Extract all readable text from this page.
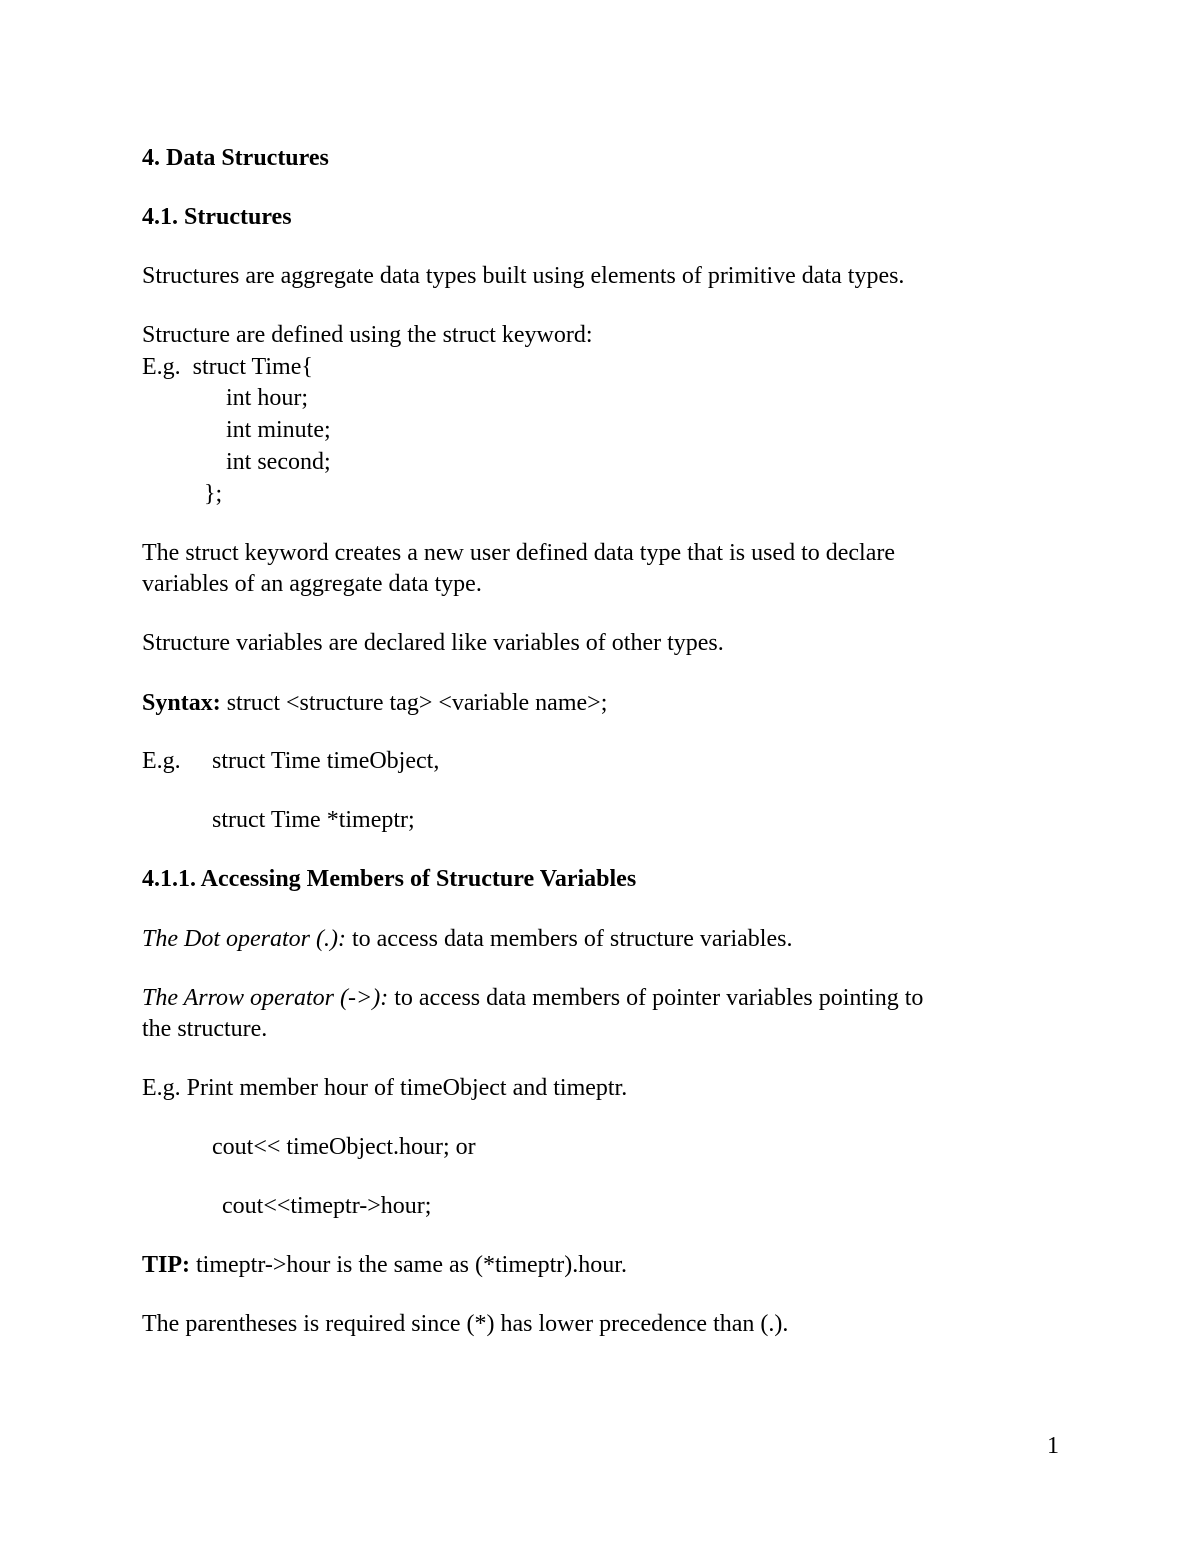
4. Data Structures
4.1. Structures
Structures are aggregate data types built using elements of primitive data types.
Structure are defined using the struct keyword:
E.g.  struct Time{
int hour;
int minute;
int second;
};
The struct keyword creates a new user defined data type that is used to declare
variables of an aggregate data type.
Structure variables are declared like variables of other types.
Syntax: struct <structure tag> <variable name>;
E.g. struct Time timeObject,
struct Time *timeptr;
4.1.1. Accessing Members of Structure Variables
The Dot operator (.): to access data members of structure variables.
The Arrow operator (->): to access data members of pointer variables pointing to
the structure.
E.g. Print member hour of timeObject and timeptr.
cout<< timeObject.hour; or
cout<<timeptr->hour;
TIP: timeptr->hour is the same as (*timeptr).hour.
The parentheses is required since (*) has lower precedence than (.).
1
